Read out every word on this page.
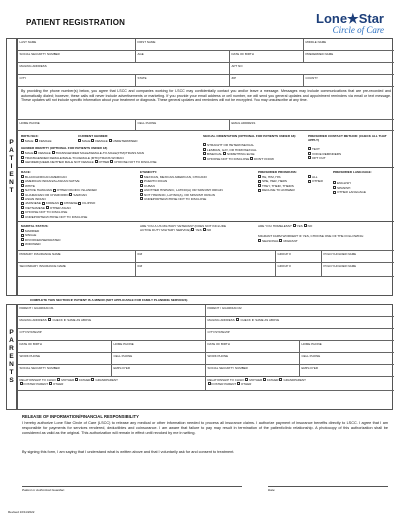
PATIENT REGISTRATION	Lone★Star
Circle of Care
P
A
T
I
E
N
T
LAST NAME	FIRST NAME	MIDDLE NAME
SOCIAL SECURITY NUMBER	AGE	DATE OF BIRTH	PREFERRED NAME
MAILING ADDRESS	APT NO
CITY	STATE	ZIP	COUNTY
By providing the phone number(s) below, you agree that LSCC and companies working for LSCC may confidentially contact you and/or leave a message. Messages may include communications that are pre-recorded and automatically dialed; however, these calls will never include advertisements or marketing. If you provide your email address or cell number, we will send you general updates and appointment reminders via email or text message. These updates will not include specific information about your treatment or diagnosis. These general updates and reminders will not be encrypted. You may unsubscribe at any time.
HOME PHONE	CELL PHONE	EMAIL ADDRESS
BIRTH SEX:
MALE FEMALE
CURRENT GENDER:
MALE FEMALE UNDETERMINED
GENDER IDENTITY (OPTIONAL FOR PATIENTS UNDER 18)
MALE FEMALE TRANSGENDER MALE/FEMALE-TO-MALE(FTM)/TRANS MAN
TRANSGENDER FEMALE/MALE-TO-FEMALE (MTF)/TRANS WOMAN
GENDERQUEER-NEITHER MALE NOT FEMALE OTHER CHOOSE NOT TO DISCLOSE
SEXUAL ORIENTATION (OPTIONAL FOR PATIENTS UNDER 18):
STRAIGHT OR HETEROSEXUAL
LESBIAN, GAY, OR HOMOSEXUAL
BISEXUAL SOMETHING ELSE
CHOOSE NOT TO DISCLOSE DON'T KNOW
PREFERRED CONTACT METHOD: (CHECK ALL THAT APPLY)
TEXT
VOICE REMINDERS
OPT OUT
RACE:
BLACK/AFRICAN AMERICAN
AMERICAN INDIAN/ALASKAN NATIVE
WHITE
NATIVE HAWAIIAN OTHER PACIFIC ISLANDER
GUAMANIAN OR CHAMORRO SAMOAN
ASIAN INDIAN
JAPANESE KOREAN CHINESE FILIPINO
VIETNAMESE OTHER ASIAN
CHOOSE NOT TO DISCLOSE
UNREPORTED/CHOSE NOT TO DISCLOSE
ETHNICITY:
MEXICAN, MEXICAN AMERICAN, CHICANO
PUERTO RICAN
CUBAN
ANOTHER HISPANIC, LATINO(A) OR SPANISH ORIGIN
NOT HISPANIC, LATINO(A), OR SPANISH ORIGIN
UNREPORTED/CHOSE NOT TO DISCLOSE
PREFERRED PRONOUNS:
HE, HIM, HIS
SHE, HER, HERS
THEY, THEIR, THEIRS
DECLINE TO ANSWER
ALL
OTHER
PREFERRED LANGUAGE:
ENGLISH
SPANISH
OTHER LANGUAGE
MARITAL STATUS:
MARRIED
SINGLE
DIVORCED/SEPARATED
WIDOWED
ARE YOU A US MILITARY VETERAN? (DOES NOT INCLUDE ACTIVE DUTY MILITARY SERVICE) YES NO
ARE YOU HOMELESS? YES NO
MIGRANT FARM WORKER? IF YES, CHOOSE ONE OF THE FOLLOWING:
SEASONAL MIGRANT
PRIMARY INSURANCE NAME	ID#	GROUP #	POLICYHOLDER NAME
SECONDARY INSURANCE NAME	ID#	GROUP #	POLICYHOLDER NAME
COMPLETE THIS SECTION IF PATIENT IS A MINOR (NOT APPLICABLE FOR FAMILY PLANNING SERVICES)
P
A
R
E
N
T
S
PARENT / GUARDIAN #1	PARENT / GUARDIAN #2
MAILING ADDRESS CHECK IF SAME AS ABOVE	MAILING ADDRESS CHECK IF SAME AS ABOVE
CITY/STATE/ZIP	CITY/STATE/ZIP
DATE OF BIRTH	HOME PHONE	DATE OF BIRTH	HOME PHONE
WORK PHONE	CELL PHONE	WORK PHONE	CELL PHONE
SOCIAL SECURITY NUMBER	EMPLOYER	SOCIAL SECURITY NUMBER	EMPLOYER
RELATIONSHIP TO CHILD: MOTHER FATHER GRANDPARENT
FOSTER PARENT OTHER
RELATIONSHIP TO CHILD: MOTHER FATHER GRANDPARENT
FOSTER PARENT OTHER
RELEASE OF INFORMATION/FINANCIAL RESPONSIBILITY
I hereby authorize Lone Star Circle of Care (LSCC) to release any medical or other information needed to process all insurance claims. I authorize payment of insurance benefits directly to LSCC. I agree that I am responsible for payments for services rendered, deductibles and coinsurance. I am aware that failure to pay may result in termination of the patient/clinic relationship. A photocopy of this authorization shall be considered as valid as the original. This authorization will remain in effect until revoked by me in writing.
By signing this form, I am saying that I understand what is written above and that I voluntarily ask for and consent to treatment.
Patient or Authorized Guardian	Date
Revised 10/11/2022
